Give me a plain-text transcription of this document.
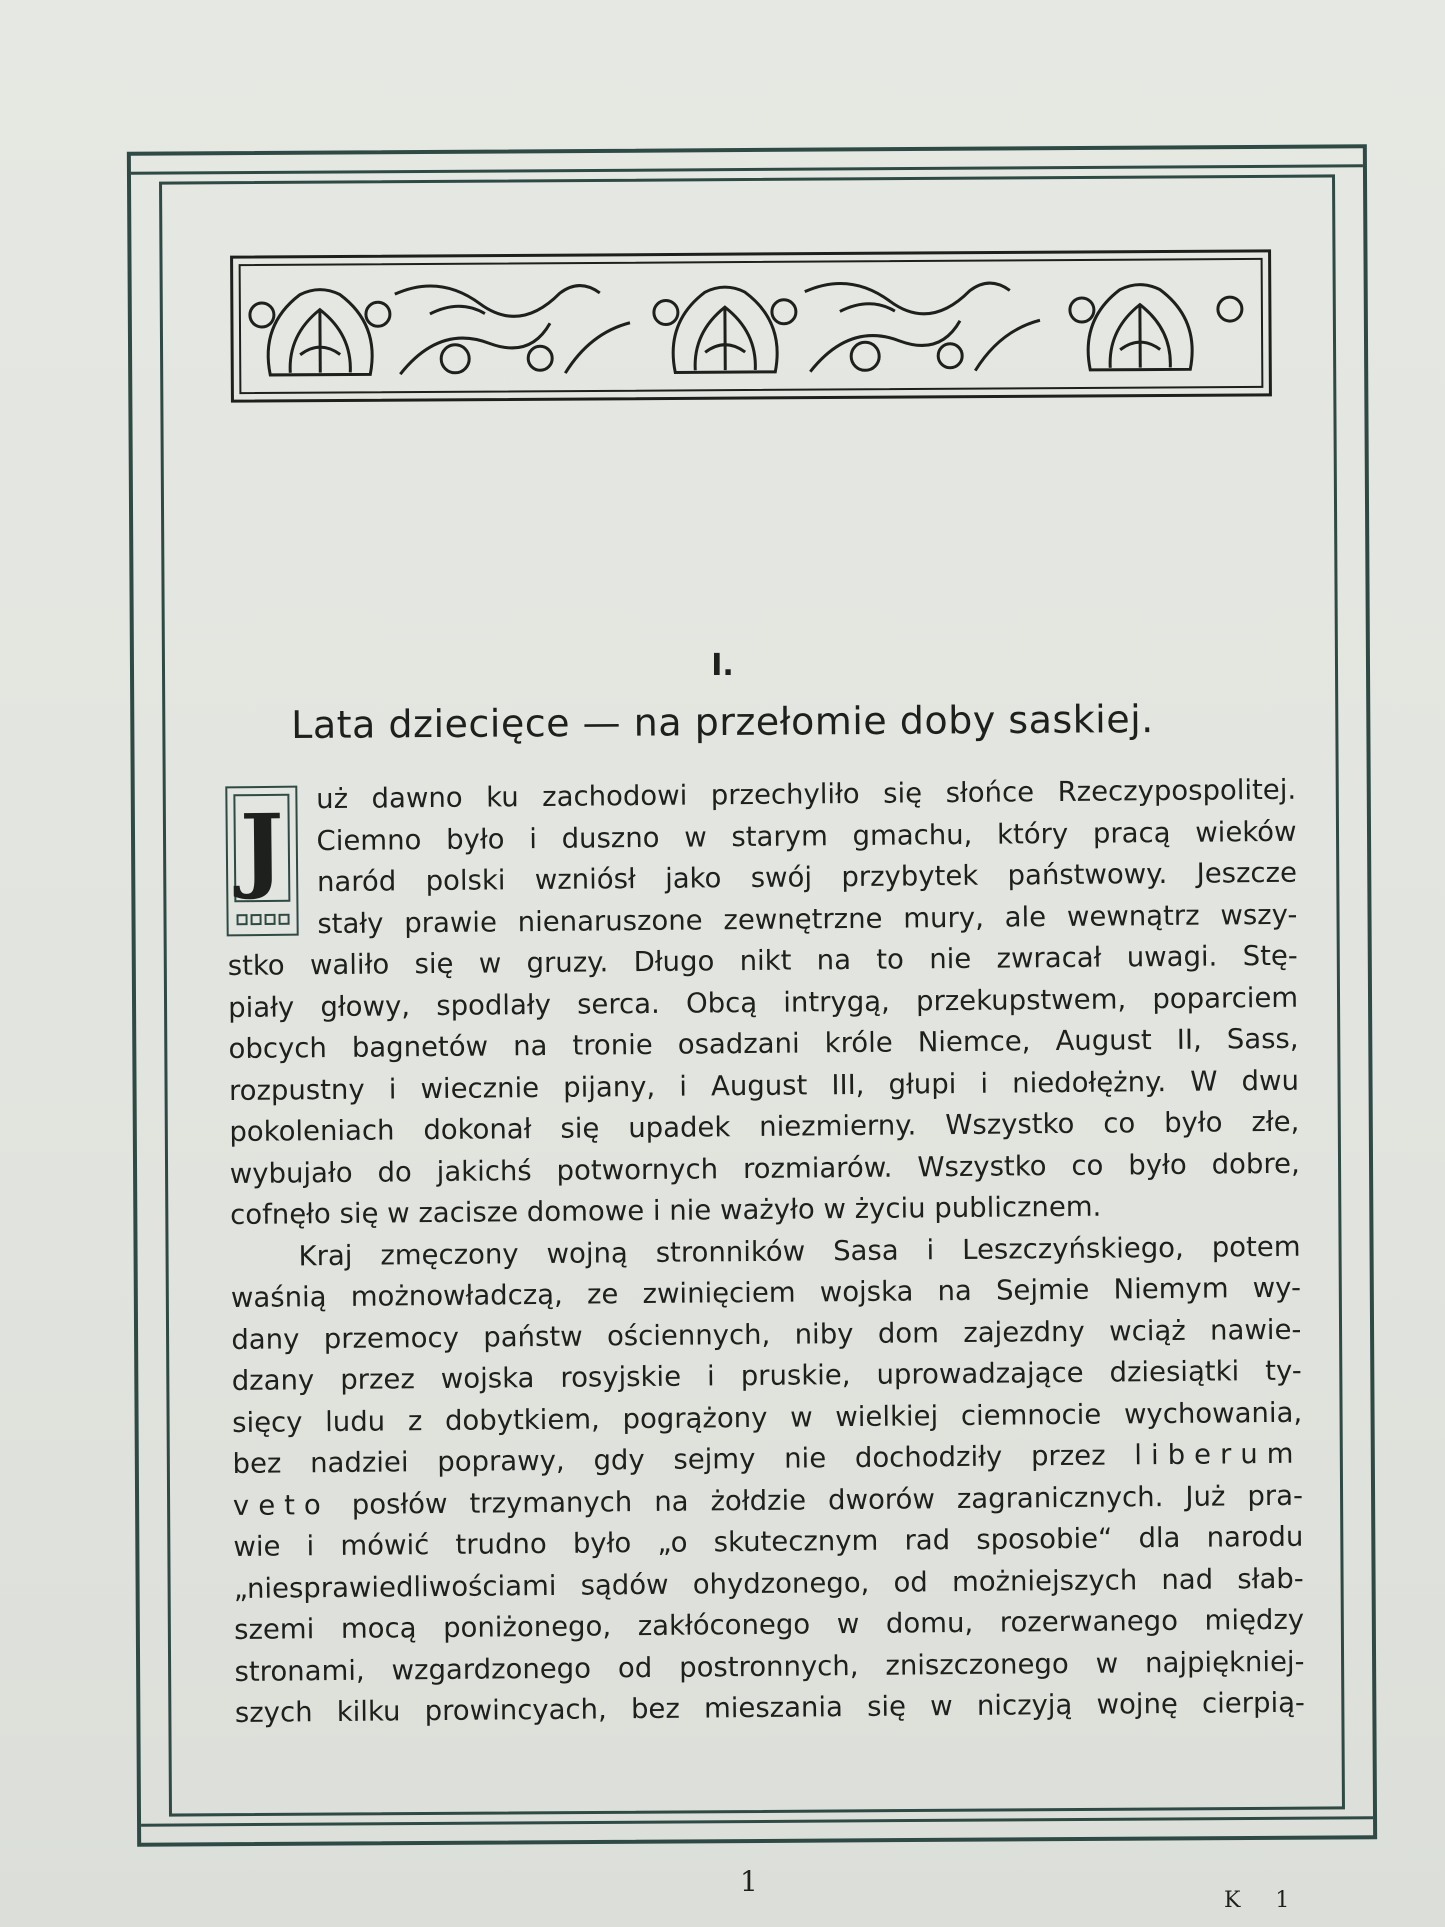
I.
Lata dziecięce — na przełomie doby saskiej.
J	uż dawno ku zachodowi przechyliło się słońce Rzeczypospolitej.
Ciemno było i duszno w starym gmachu, który pracą wieków
naród polski wzniósł jako swój przybytek państwowy. Jeszcze
stały prawie nienaruszone zewnętrzne mury, ale wewnątrz wszy-
stko waliło się w gruzy. Długo nikt na to nie zwracał uwagi. Stę-
piały głowy, spodlały serca. Obcą intrygą, przekupstwem, poparciem
obcych bagnetów na tronie osadzani króle Niemce, August II, Sass,
rozpustny i wiecznie pijany, i August III, głupi i niedołężny. W dwu
pokoleniach dokonał się upadek niezmierny. Wszystko co było złe,
wybujało do jakichś potwornych rozmiarów. Wszystko co było dobre,
cofnęło się w zacisze domowe i nie ważyło w życiu publicznem.
Kraj zmęczony wojną stronników Sasa i Leszczyńskiego, potem
waśnią możnowładczą, ze zwinięciem wojska na Sejmie Niemym wy-
dany przemocy państw ościennych, niby dom zajezdny wciąż nawie-
dzany przez wojska rosyjskie i pruskie, uprowadzające dziesiątki ty-
sięcy ludu z dobytkiem, pogrążony w wielkiej ciemnocie wychowania,
bez nadziei poprawy, gdy sejmy nie dochodziły przez liberum
veto posłów trzymanych na żołdzie dworów zagranicznych. Już pra-
wie i mówić trudno było „o skutecznym rad sposobie“ dla narodu
„niesprawiedliwościami sądów ohydzonego, od możniejszych nad słab-
szemi mocą poniżonego, zakłóconego w domu, rozerwanego między
stronami, wzgardzonego od postronnych, zniszczonego w najpiękniej-
szych kilku prowincyach, bez mieszania się w niczyją wojnę cierpią-
1
K 1
